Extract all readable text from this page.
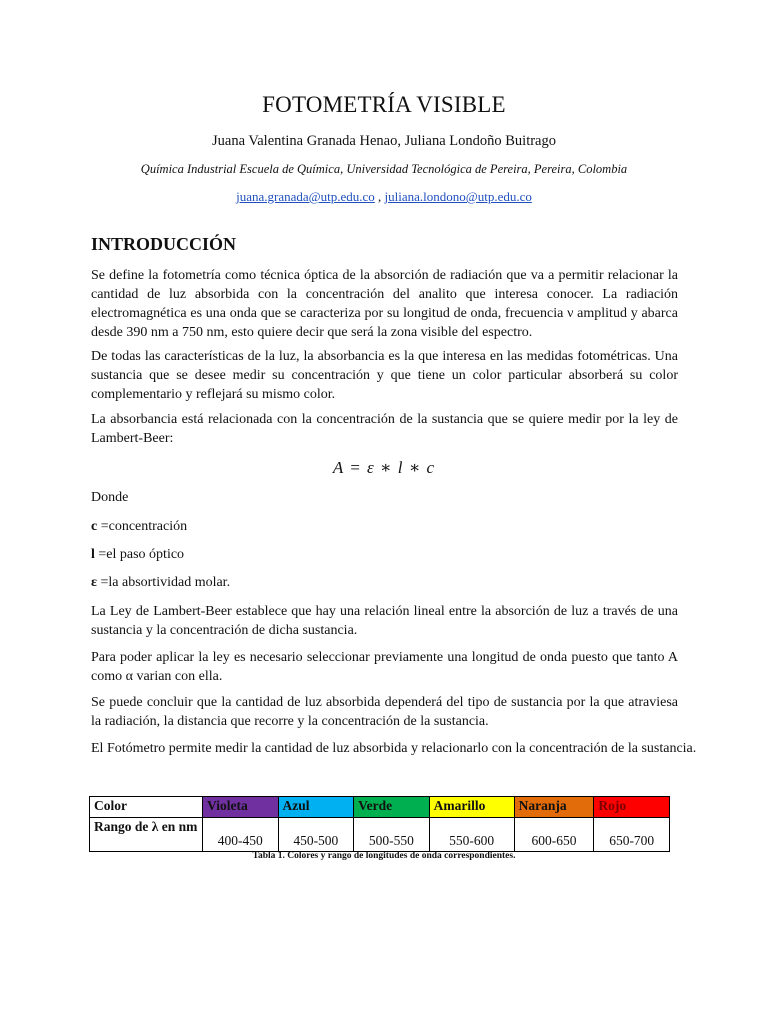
FOTOMETRÍA VISIBLE
Juana Valentina Granada Henao, Juliana Londoño Buitrago
Química Industrial Escuela de Química, Universidad Tecnológica de Pereira, Pereira, Colombia
juana.granada@utp.edu.co , juliana.londono@utp.edu.co
INTRODUCCIÓN
Se define la fotometría como técnica óptica de la absorción de radiación que va a permitir relacionar la cantidad de luz absorbida con la concentración del analito que interesa conocer. La radiación electromagnética es una onda que se caracteriza por su longitud de onda, frecuencia ν amplitud y abarca desde 390 nm a 750 nm, esto quiere decir que será la zona visible del espectro.
De todas las características de la luz, la absorbancia es la que interesa en las medidas fotométricas. Una sustancia que se desee medir su concentración y que tiene un color particular absorberá su color complementario y reflejará su mismo color.
La absorbancia está relacionada con la concentración de la sustancia que se quiere medir por la ley de Lambert-Beer:
A = ε ∗ l ∗ c
Donde
c =concentración
l =el paso óptico
ε =la absortividad molar.
La Ley de Lambert-Beer establece que hay una relación lineal entre la absorción de luz a través de una sustancia y la concentración de dicha sustancia.
Para poder aplicar la ley es necesario seleccionar previamente una longitud de onda puesto que tanto A como α varian con ella.
Se puede concluir que la cantidad de luz absorbida dependerá del tipo de sustancia por la que atraviesa la radiación, la distancia que recorre y la concentración de la sustancia.
El Fotómetro permite medir la cantidad de luz absorbida y relacionarlo con la concentración de la sustancia.
Color	Violeta	Azul	Verde	Amarillo	Naranja	Rojo
Rango de λ en nm	400-450	450-500	500-550	550-600	600-650	650-700
Tabla 1. Colores y rango de longitudes de onda correspondientes.
